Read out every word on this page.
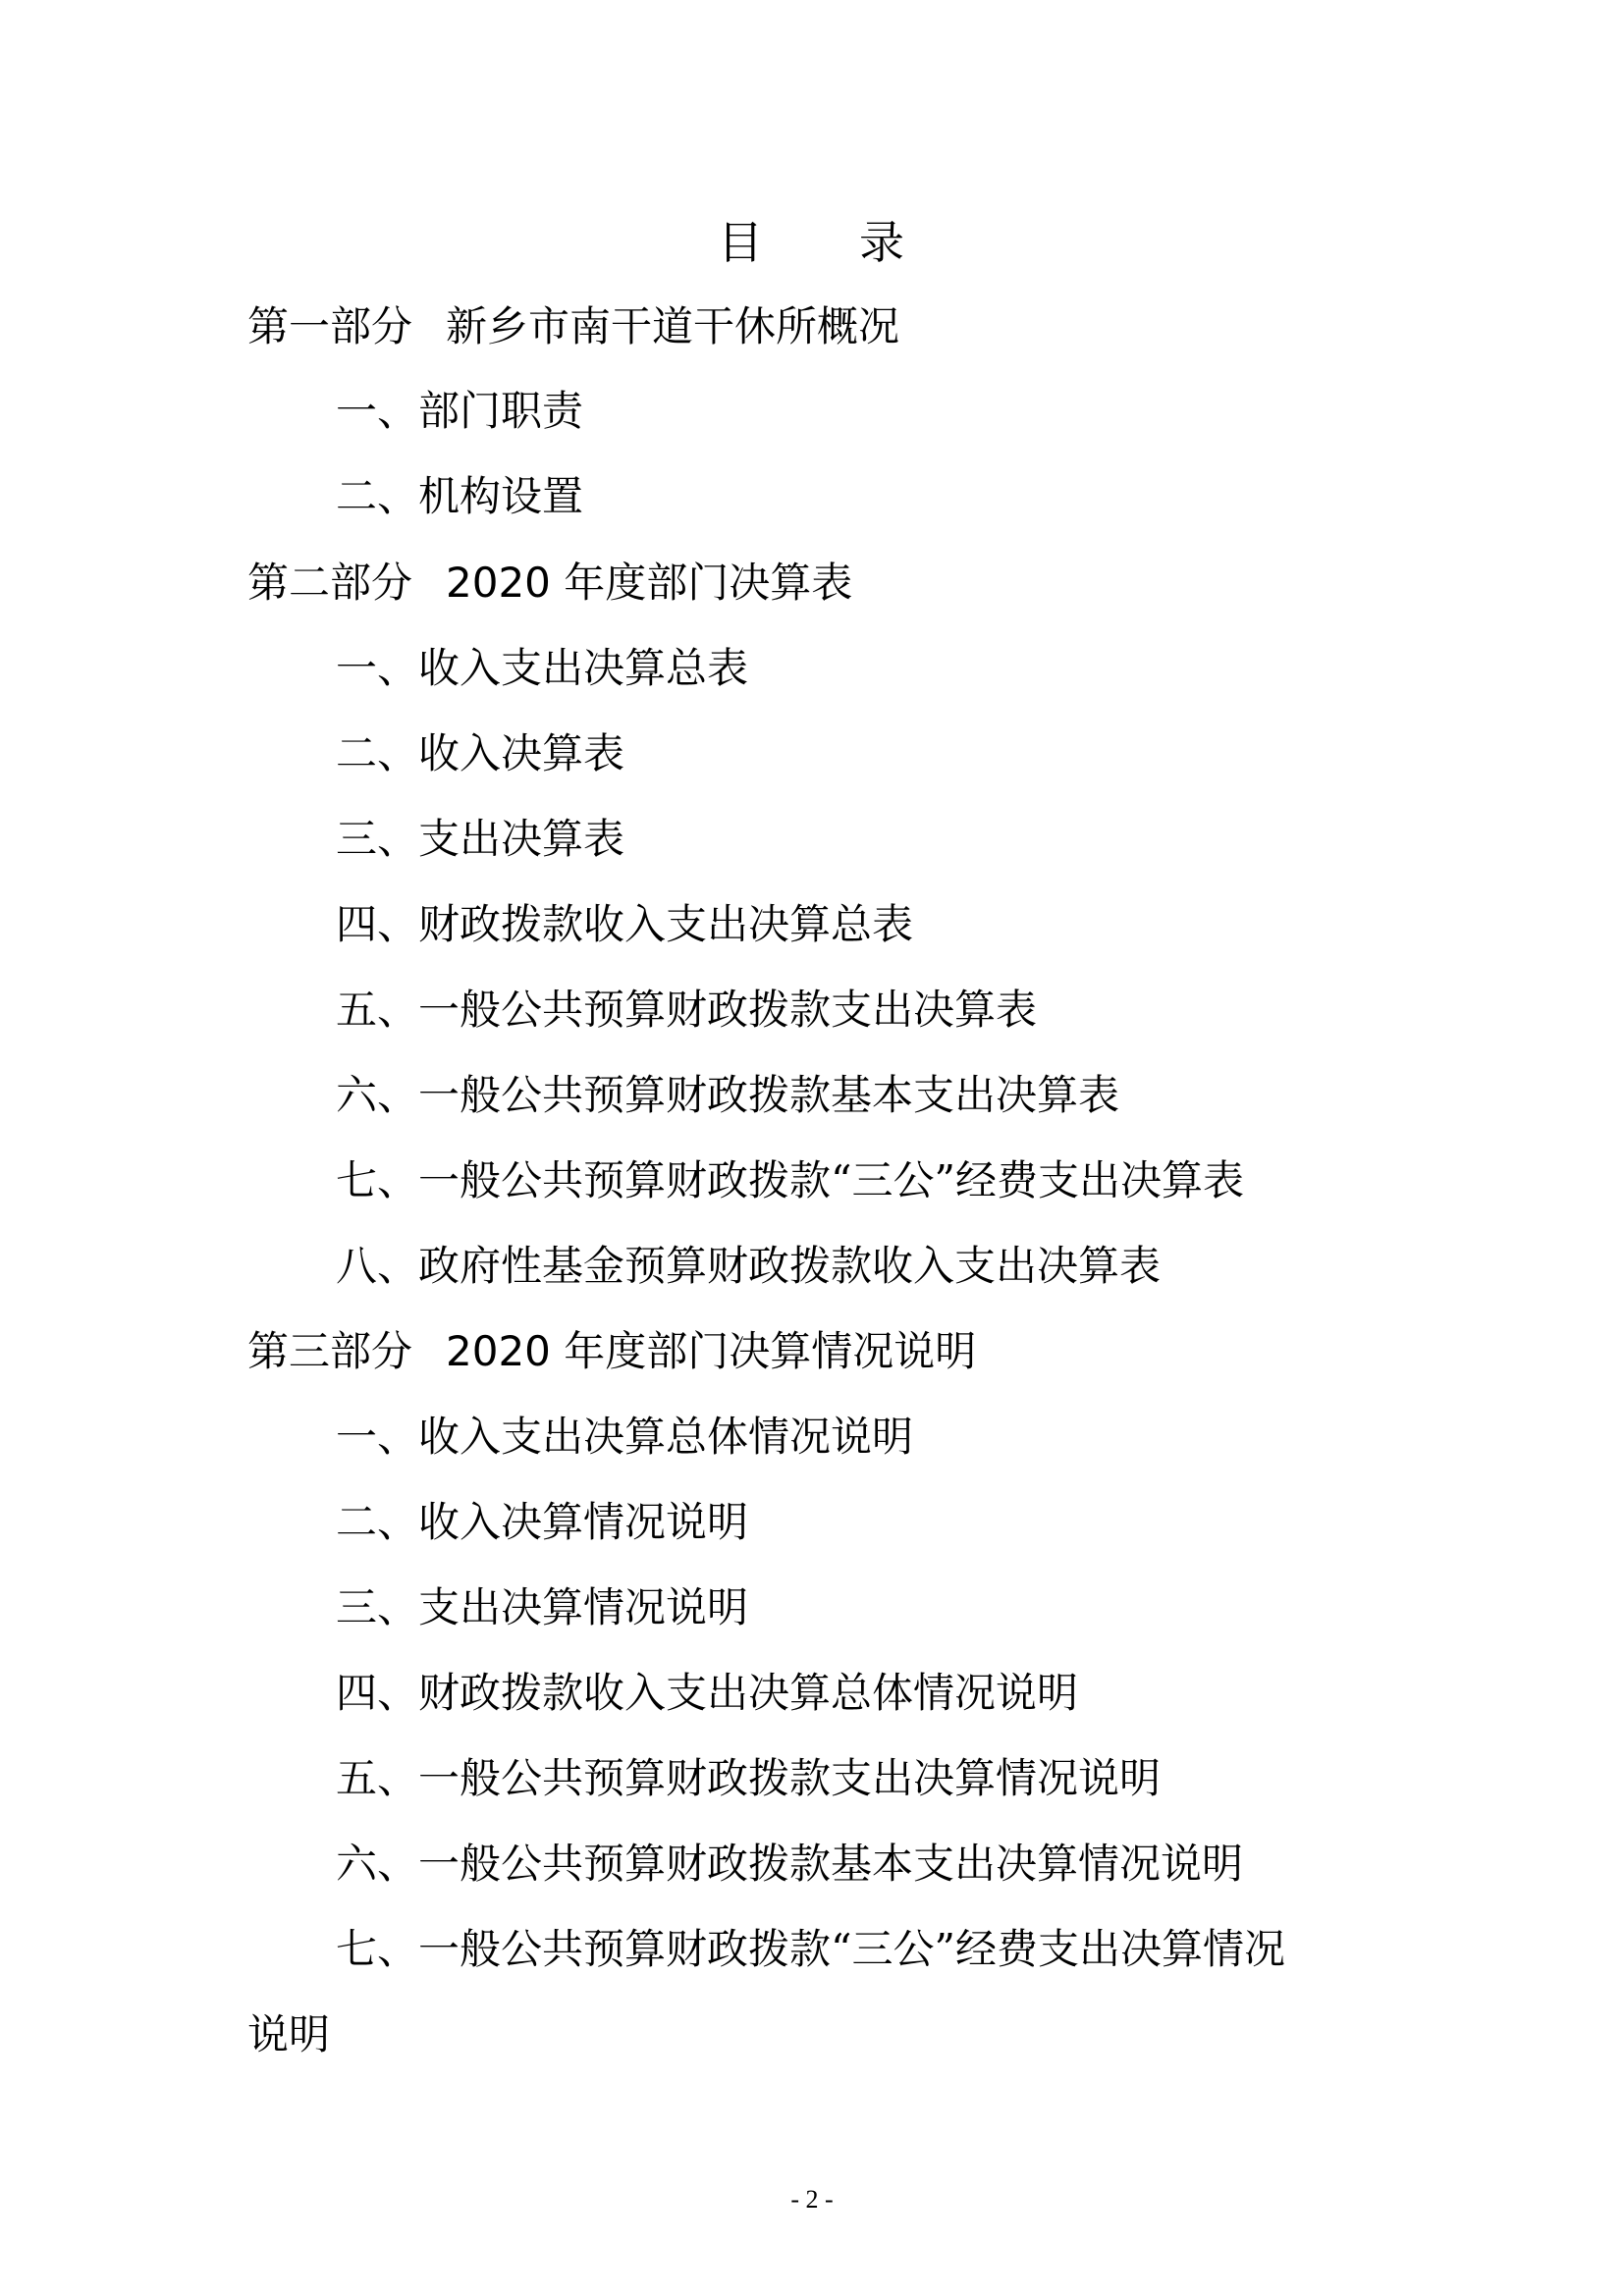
目 录
第一部分 新乡市南干道干休所概况
一、部门职责
二、机构设置
第二部分 2020 年度部门决算表
一、收入支出决算总表
二、收入决算表
三、支出决算表
四、财政拨款收入支出决算总表
五、一般公共预算财政拨款支出决算表
六、一般公共预算财政拨款基本支出决算表
七、一般公共预算财政拨款“三公”经费支出决算表
八、政府性基金预算财政拨款收入支出决算表
第三部分 2020 年度部门决算情况说明
一、收入支出决算总体情况说明
二、收入决算情况说明
三、支出决算情况说明
四、财政拨款收入支出决算总体情况说明
五、一般公共预算财政拨款支出决算情况说明
六、一般公共预算财政拨款基本支出决算情况说明
七、一般公共预算财政拨款“三公”经费支出决算情况
说明
- 2 -
